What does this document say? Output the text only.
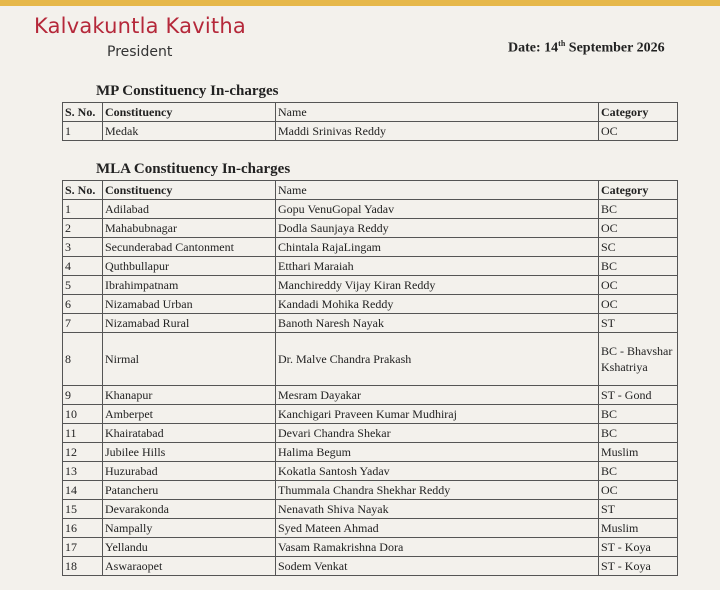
Kalvakuntla Kavitha
President	Date: 14th September 2026
MP Constituency In-charges
S. No.	Constituency	Name	Category
1	Medak	Maddi Srinivas Reddy	OC
MLA Constituency In-charges
S. No.	Constituency	Name	Category
1	Adilabad	Gopu VenuGopal Yadav	BC
2	Mahabubnagar	Dodla Saunjaya Reddy	OC
3	Secunderabad Cantonment	Chintala RajaLingam	SC
4	Quthbullapur	Etthari Maraiah	BC
5	Ibrahimpatnam	Manchireddy Vijay Kiran Reddy	OC
6	Nizamabad Urban	Kandadi Mohika Reddy	OC
7	Nizamabad Rural	Banoth Naresh Nayak	ST
8	Nirmal	Dr. Malve Chandra Prakash	BC - Bhavshar Kshatriya
9	Khanapur	Mesram Dayakar	ST - Gond
10	Amberpet	Kanchigari Praveen Kumar Mudhiraj	BC
11	Khairatabad	Devari Chandra Shekar	BC
12	Jubilee Hills	Halima Begum	Muslim
13	Huzurabad	Kokatla Santosh Yadav	BC
14	Patancheru	Thummala Chandra Shekhar Reddy	OC
15	Devarakonda	Nenavath Shiva Nayak	ST
16	Nampally	Syed Mateen Ahmad	Muslim
17	Yellandu	Vasam Ramakrishna Dora	ST - Koya
18	Aswaraopet	Sodem Venkat	ST - Koya
